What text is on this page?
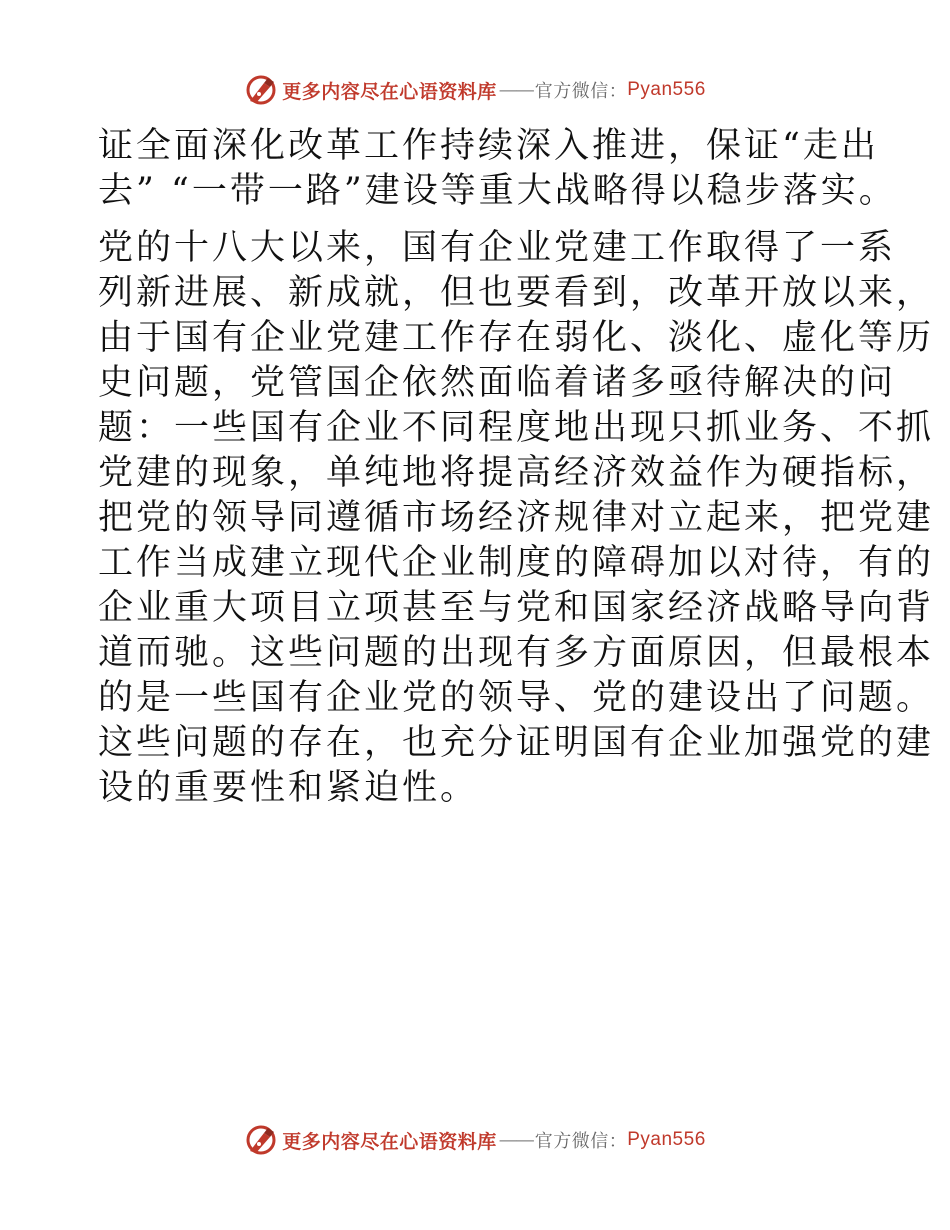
更多内容尽在心语资料库 —— 官方微信： Pyan556
证全面深化改革工作持续深入推进，保证“走出
去” “一带一路”建设等重大战略得以稳步落实。
党的十八大以来，国有企业党建工作取得了一系
列新进展、新成就，但也要看到，改革开放以来，
由于国有企业党建工作存在弱化、淡化、虚化等历
史问题，党管国企依然面临着诸多亟待解决的问
题：一些国有企业不同程度地出现只抓业务、不抓
党建的现象，单纯地将提高经济效益作为硬指标，
把党的领导同遵循市场经济规律对立起来，把党建
工作当成建立现代企业制度的障碍加以对待，有的
企业重大项目立项甚至与党和国家经济战略导向背
道而驰。这些问题的出现有多方面原因，但最根本
的是一些国有企业党的领导、党的建设出了问题。
这些问题的存在，也充分证明国有企业加强党的建
设的重要性和紧迫性。
更多内容尽在心语资料库 —— 官方微信： Pyan556
